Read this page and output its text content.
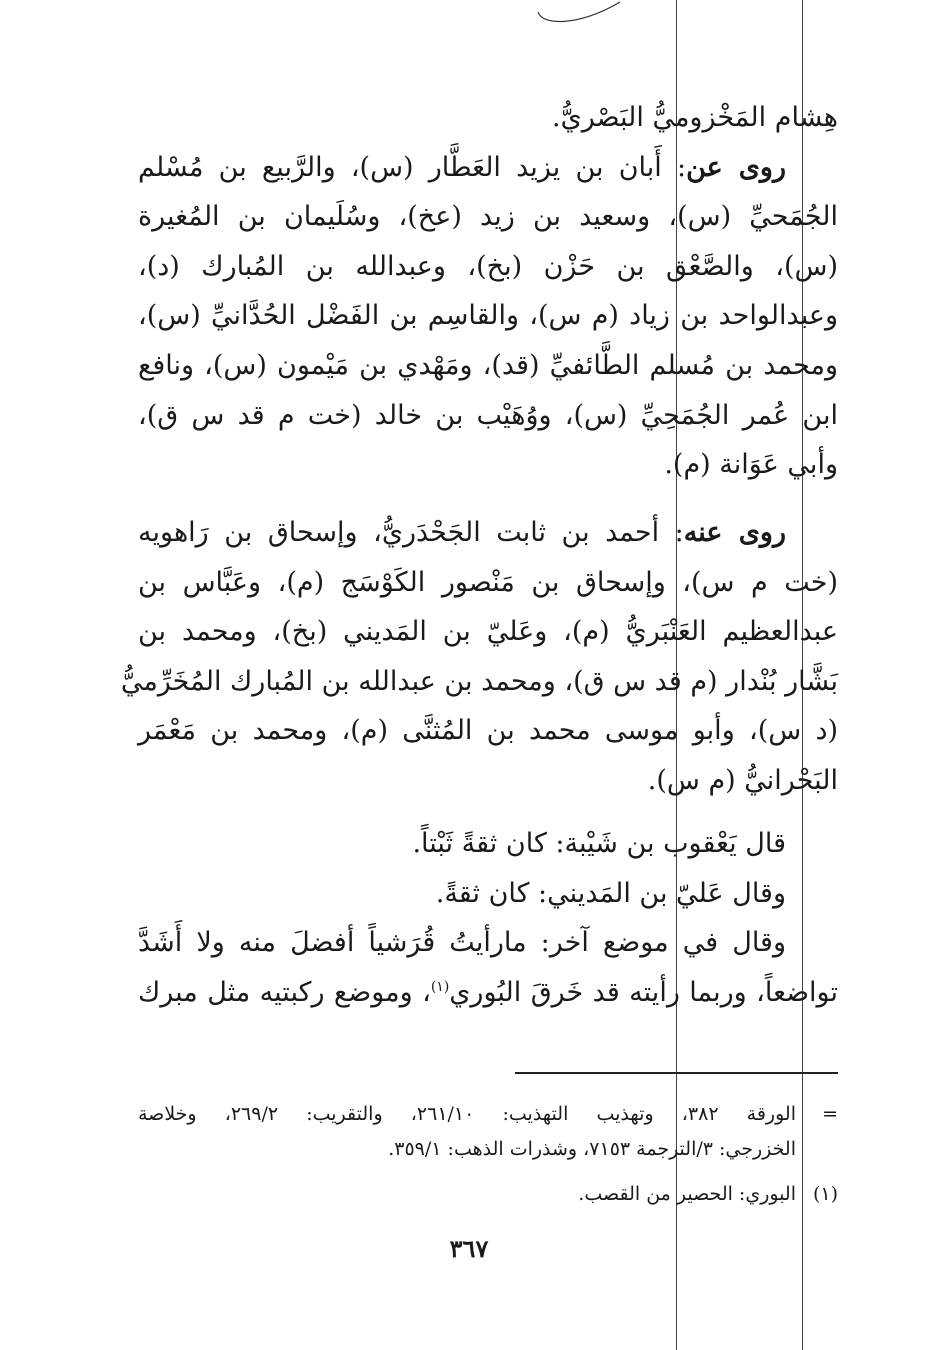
هِشام المَخْزوميُّ البَصْريُّ.
روى عن: أَبان بن يزيد العَطَّار (س)، والرَّبيع بن مُسْلم
الجُمَحيِّ (س)، وسعيد بن زيد (عخ)، وسُلَيمان بن المُغيرة
(س)، والصَّعْق بن حَزْن (بخ)، وعبدالله بن المُبارك (د)،
وعبدالواحد بن زياد (م س)، والقاسِم بن الفَضْل الحُدَّانيِّ (س)،
ومحمد بن مُسلم الطَّائفيِّ (قد)، ومَهْدي بن مَيْمون (س)، ونافع
ابن عُمر الجُمَحِيِّ (س)، ووُهَيْب بن خالد (خت م قد س ق)،
وأبي عَوَانة (م).
روى عنه: أحمد بن ثابت الجَحْدَريُّ، وإسحاق بن رَاهويه
(خت م س)، وإسحاق بن مَنْصور الكَوْسَج (م)، وعَبَّاس بن
عبدالعظيم العَنْبَريُّ (م)، وعَليّ بن المَديني (بخ)، ومحمد بن
بَشَّار بُنْدار (م قد س ق)، ومحمد بن عبدالله بن المُبارك المُخَرِّميُّ
(د س)، وأبو موسى محمد بن المُثنَّى (م)، ومحمد بن مَعْمَر
البَحْرانيُّ (م س).
قال يَعْقوب بن شَيْبة: كان ثقةً ثَبْتاً.
وقال عَليّ بن المَديني: كان ثقةً.
وقال في موضع آخر: مارأيتُ قُرَشياً أفضلَ منه ولا أَشَدَّ
تواضعاً، وربما رأيته قد خَرقَ البُوري$^{(١)}$، وموضع ركبتيه مثل مبرك
=
الورقة ٣٨٢، وتهذيب التهذيب: ٢٦١/١٠، والتقريب: ٢٦٩/٢، وخلاصة
الخزرجي: ٣/الترجمة ٧١٥٣، وشذرات الذهب: ٣٥٩/١.
(١)
البوري: الحصير من القصب.
٣٦٧
